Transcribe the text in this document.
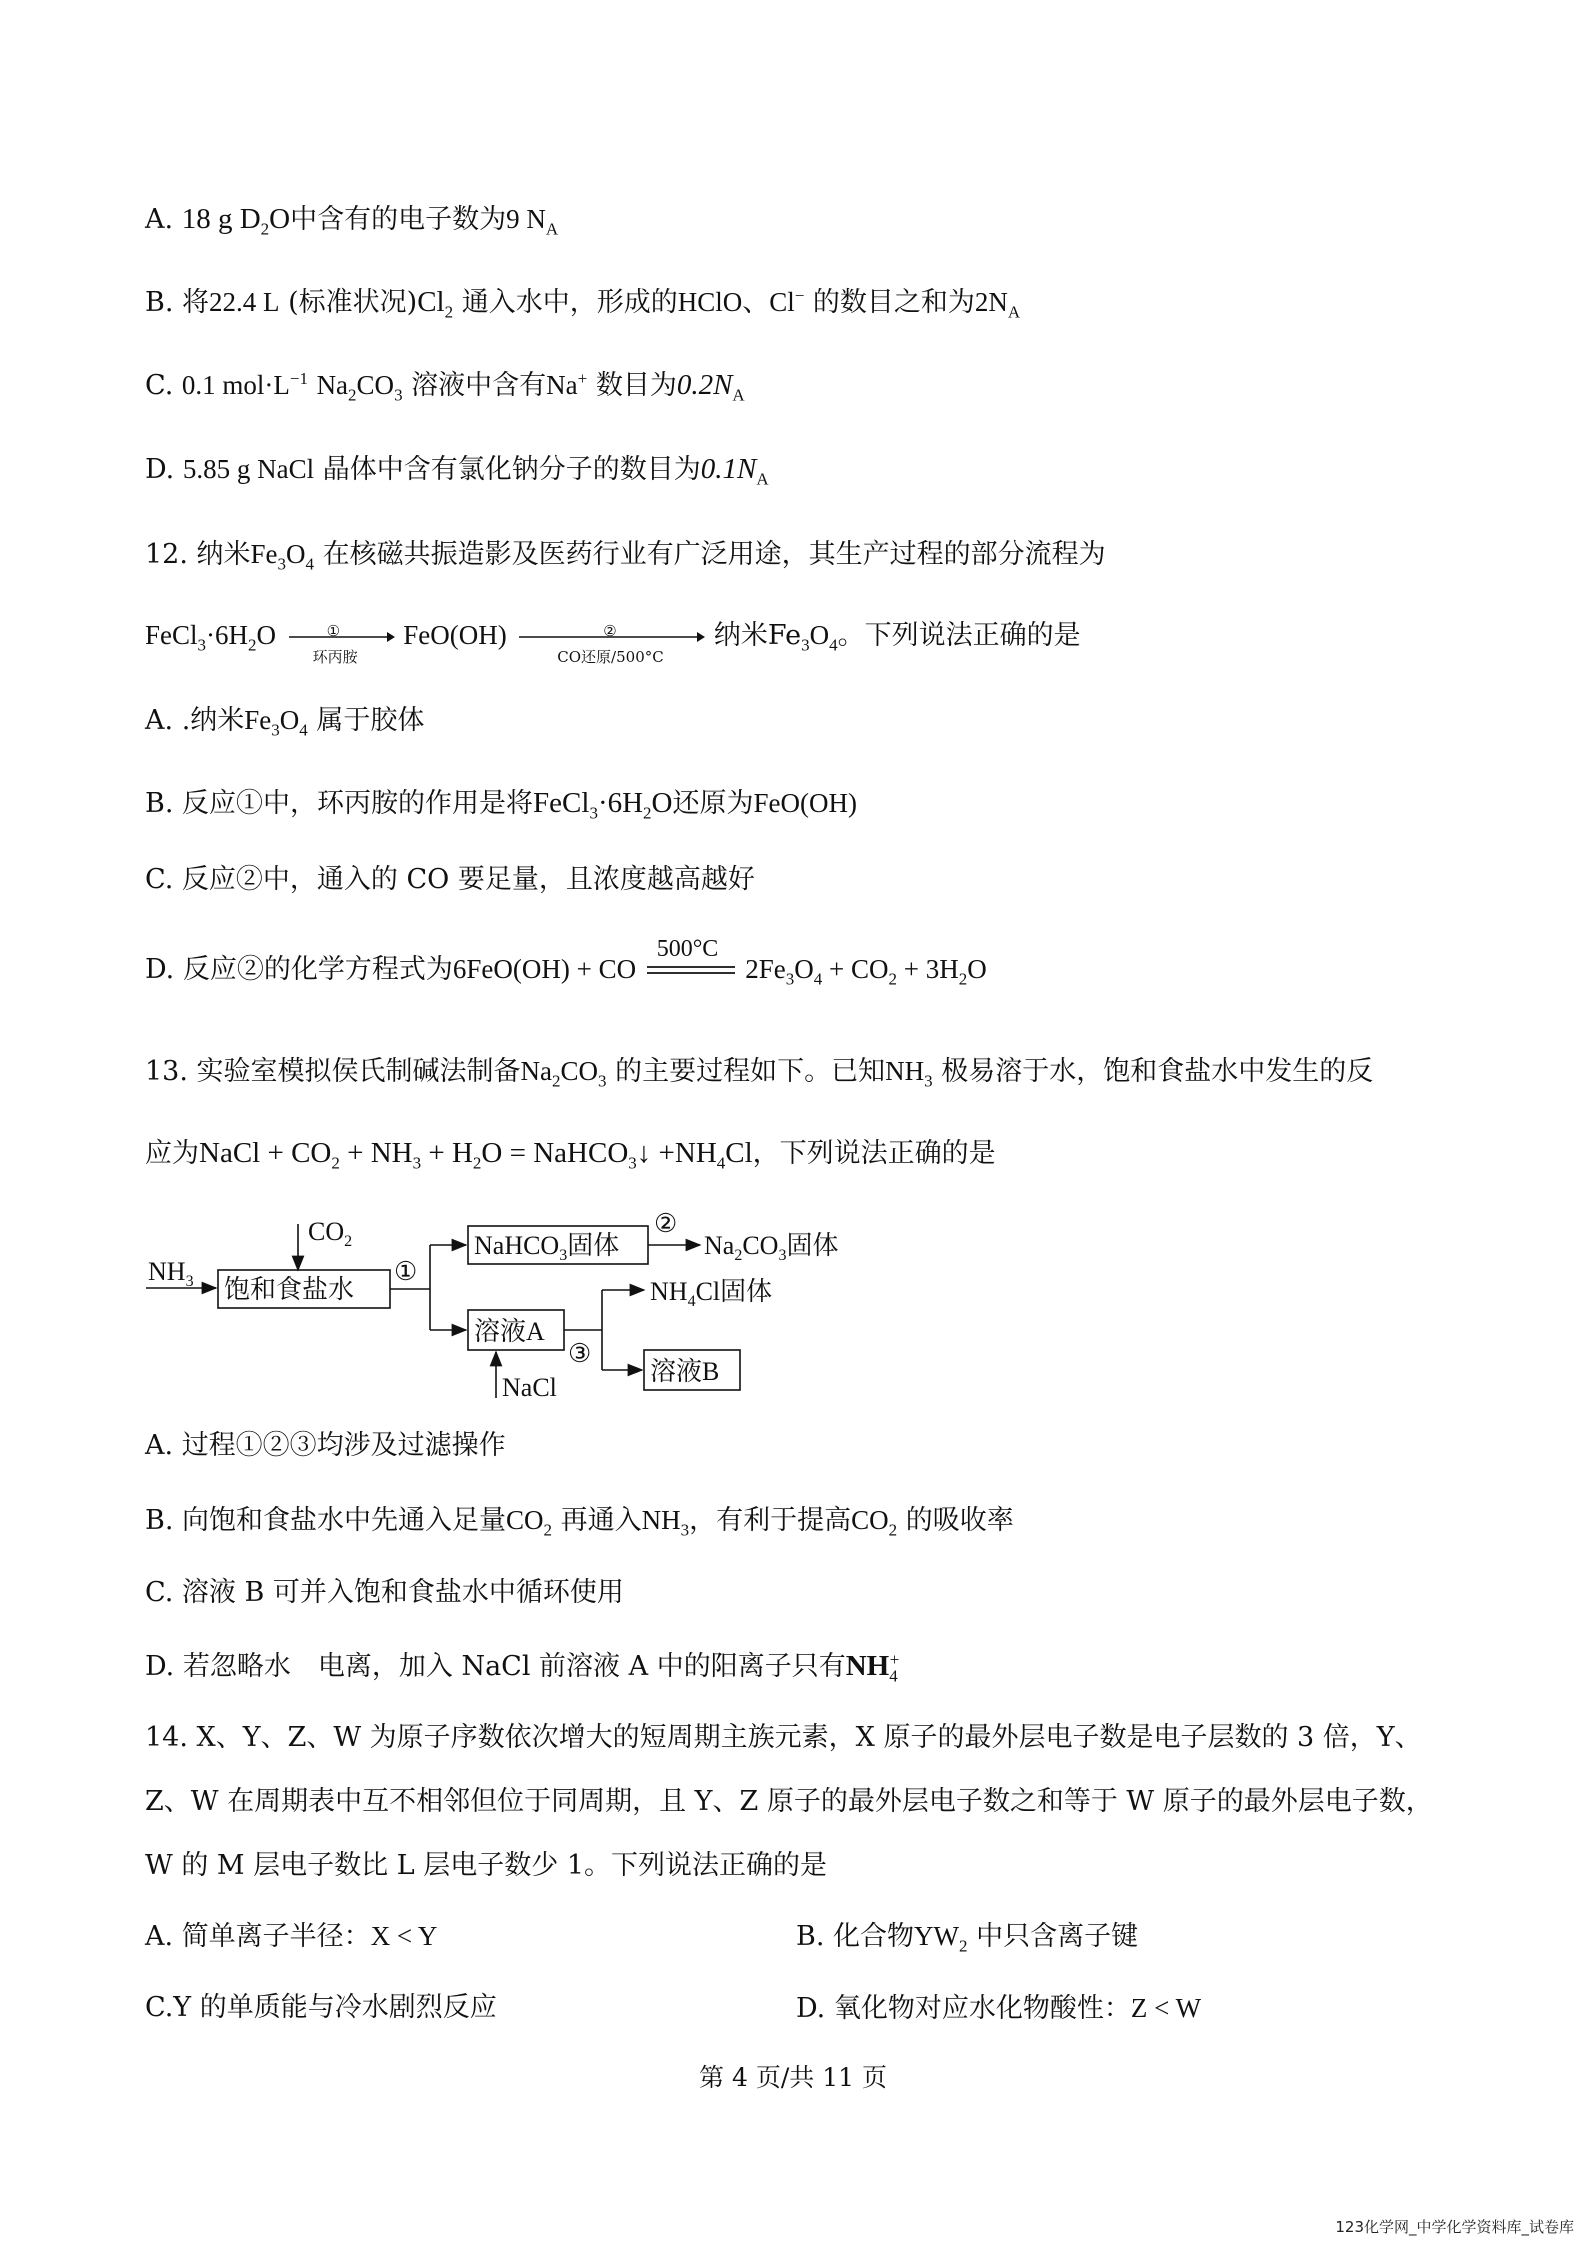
A. 18 g $D_2O$中含有的电子数为9 $N_A$
B. 将22.4 L (标准状况)$Cl_2$ 通入水中，形成的HClO、Cl− 的数目之和为$2N_A$
C. 0.1 $mol\cdot L^{-1}$ $Na_2CO_3$ 溶液中含有Na+ 数目为$0.2N_A$
D. 5.85 g NaCl 晶体中含有氯化钠分子的数目为$0.1N_A$
12. 纳米$Fe_3O_4$ 在核磁共振造影及医药行业有广泛用途，其生产过程的部分流程为
$FeCl_3\cdot 6H_2O$	①
环丙胺
FeO(OH)	②
CO还原/500°C
纳米$Fe_3O_4$。下列说法正确的是
A. .纳米$Fe_3O_4$ 属于胶体
B. 反应①中，环丙胺的作用是将$FeCl_3\cdot 6H_2O$还原为FeO(OH)
C. 反应②中，通入的 CO 要足量，且浓度越高越好
D. 反应②的化学方程式为6FeO(OH) + CO
500°C
$2Fe_3O_4 + CO_2 + 3H_2O$
13. 实验室模拟侯氏制碱法制备$Na_2CO_3$ 的主要过程如下。已知$NH_3$ 极易溶于水，饱和食盐水中发生的反
应为NaCl + $CO_2 + NH_3 + H_2O$ = NaHCO$_3$↓ $+NH_4Cl$，下列说法正确的是
$NH_3$
$CO_2$
饱和食盐水
①
NaHCO$_3$固体
②
$Na_2CO_3$固体
溶液A
③
$NH_4Cl$固体
溶液B
NaCl
A. 过程①②③均涉及过滤操作
B. 向饱和食盐水中先通入足量$CO_2$ 再通入$NH_3$，有利于提高$CO_2$ 的吸收率
C. 溶液 B 可并入饱和食盐水中循环使用
D. 若忽略水　电离，加入 NaCl 前溶液 A 中的阳离子只有$NH_4^+$
14. X、Y、Z、W 为原子序数依次增大的短周期主族元素，X 原子的最外层电子数是电子层数的 3 倍，Y、
Z、W 在周期表中互不相邻但位于同周期，且 Y、Z 原子的最外层电子数之和等于 W 原子的最外层电子数，
W 的 M 层电子数比 L 层电子数少 1。下列说法正确的是
A. 简单离子半径：X < Y	B. 化合物$YW_2$ 中只含离子键
C.Y 的单质能与冷水剧烈反应	D. 氧化物对应水化物酸性：Z < W
第 4 页/共 11 页
123化学网_中学化学资料库_试卷库
